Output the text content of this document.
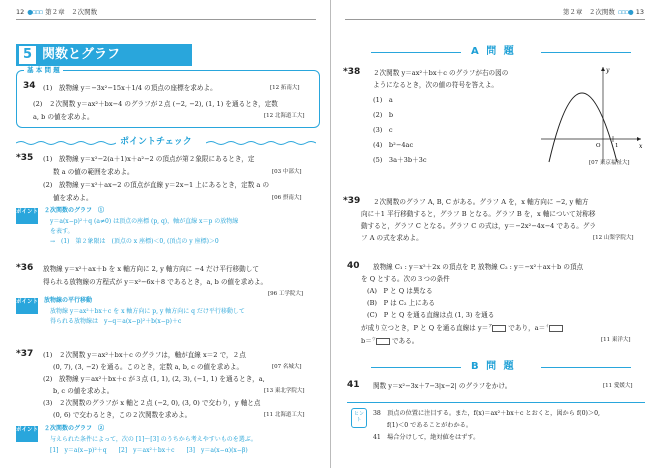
12 ●▫▫▫ 第２章　２次関数
5 関数とグラフ
基 本 問 題
34 (1)　放物線 y＝−3x²−15x＋1/4 の頂点の座標を求めよ。	[12 拓南大]
(2)　２次関数 y＝ax²＋bx−4 のグラフが２点 (−2, −2), (1, 1) を通るとき，定数 a, b の値を求めよ。	[12 北海道工大]
ポイントチェック
*35 (1)　放物線 y＝x²−2(a＋1)x＋a²−2 の頂点が第２象限にあるとき，定
数 a の値の範囲を求めよ。	[03 中部大]
(2)　放物線 y＝x²＋ax−2 の頂点が直線 y＝2x−1 上にあるとき，定数 a の
値を求めよ。	[06 摂南大]
ポイント ２次関数のグラフ　①
y＝a(x−p)²＋q (a≠0) は頂点の座標 (p, q)，軸が直線 x＝p の放物線
を表す。
→　(1)　第２象限は　(頂点の x 座標)＜0, (頂点の y 座標)＞0
*36 放物線 y＝x²＋ax＋b を x 軸方向に 2, y 軸方向に −4 だけ平行移動して
得られる放物線の方程式が y＝x²−6x＋8 であるとき，a, b の値を求めよ。
[96 工学院大]
ポイント 放物線の平行移動
放物線 y＝ax²＋bx＋c を x 軸方向に p, y 軸方向に q だけ平行移動して
得られる放物線は　y−q＝a(x−p)²＋b(x−p)＋c
*37 (1)　２次関数 y＝ax²＋bx＋c のグラフは，軸が直線 x＝2 で，２点
(0, 7), (3, −2) を通る。このとき，定数 a, b, c の値を求めよ。	[07 名城大]
(2)　放物線 y＝ax²＋bx＋c が３点 (1, 1), (2, 3), (−1, 1) を通るとき，a,
b, c の値を求めよ。	[13 東北学院大]
(3)　２次関数のグラフが x 軸と２点 (−2, 0), (3, 0) で交わり，y 軸と点
(0, 6) で交わるとき，この２次関数を求めよ。	[11 北海道工大]
ポイント ２次関数のグラフ　②
与えられた条件によって，次の [1]〜[3] のうちから考えやすいものを選ぶ。
[1]　y＝a(x−p)²＋q　　[2]　y＝ax²＋bx＋c　　[3]　y＝a(x−α)(x−β)
第２章　２次関数 ▫▫▫● 13
A 問 題
*38 ２次関数 y＝ax²＋bx＋c のグラフが右の図の
ようになるとき，次の値の符号を答えよ。
(1)　a
(2)　b
(3)　c
(4)　b²−4ac
(5)　3a＋3b＋3c
x
y
O	1
[07 東京福祉大]
*39 ２次関数のグラフ A, B, C がある。グラフ A を，x 軸方向に −2, y 軸方
向に＋1 平行移動すると，グラフ B となる。グラフ B を，x 軸について対称移
動すると，グラフ C となる。グラフ C の式は，y＝−2x²−4x−4 である。グラ
フ A の式を求めよ。	[12 山梨学院大]
40 放物線 C₁ : y＝x²＋2x の頂点を P, 放物線 C₂ : y＝−x²＋ax＋b の頂点
を Q とする。次の３つの条件
(A)　P と Q は異なる
(B)　P は C₂ 上にある
(C)　P と Q を通る直線は点 (1, 3) を通る
が成り立つとき，P と Q を通る直線は y＝$^ア$ であり，a＝$^イ$
b＝$^ウ$ である。	[11 東洋大]
B 問 題
41 関数 y＝x²−3x＋7−3|x−2| のグラフをかけ。	[11 愛媛大]
ヒント
38　頂点の位置に注目する。また，f(x)＝ax²＋bx＋c とおくと，図から f(0)＞0,
f(1)＜0 であることがわかる。
41　場合分けして，絶対値をはずす。
